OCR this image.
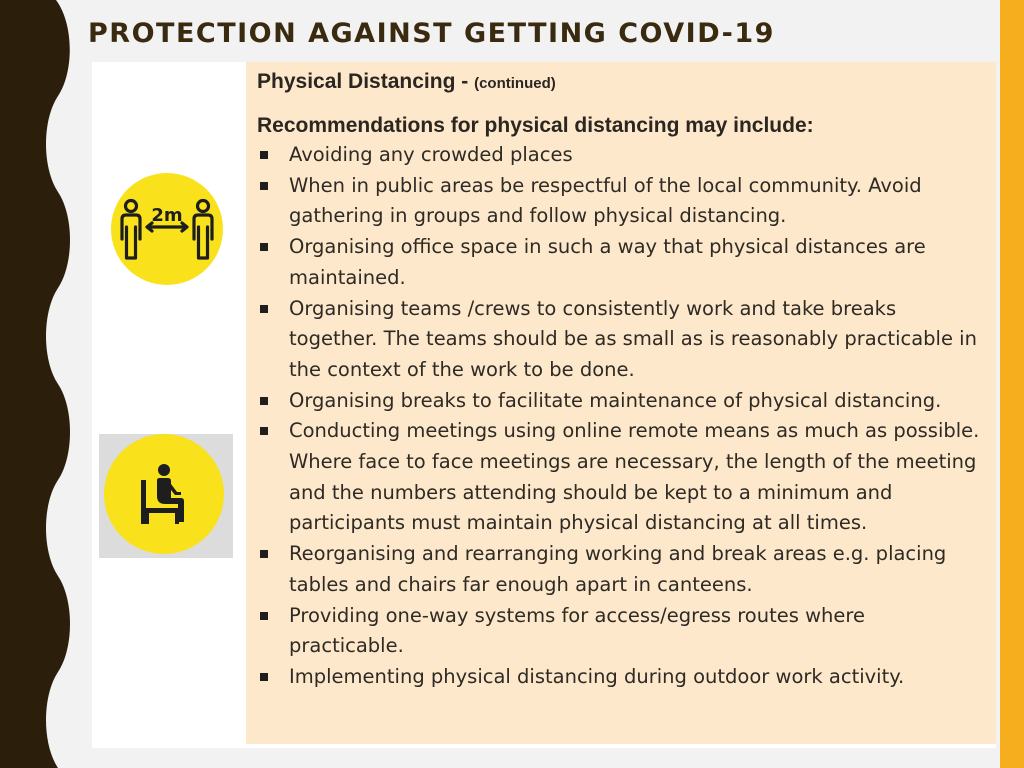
PROTECTION AGAINST GETTING COVID-19
2m

Physical Distancing - (continued)

Recommendations for physical distancing may include:

Avoiding any crowded places
When in public areas be respectful of the local community. Avoid gathering in groups and follow physical distancing.
Organising office space in such a way that physical distances are maintained.
Organising teams /crews to consistently work and take breaks together. The teams should be as small as is reasonably practicable in the context of the work to be done.
Organising breaks to facilitate maintenance of physical distancing.
Conducting meetings using online remote means as much as possible. Where face to face meetings are necessary, the length of the meeting and the numbers attending should be kept to a minimum and participants must maintain physical distancing at all times.
Reorganising and rearranging working and break areas e.g. placing tables and chairs far enough apart in canteens.
Providing one-way systems for access/egress routes where practicable.
Implementing physical distancing during outdoor work activity.
